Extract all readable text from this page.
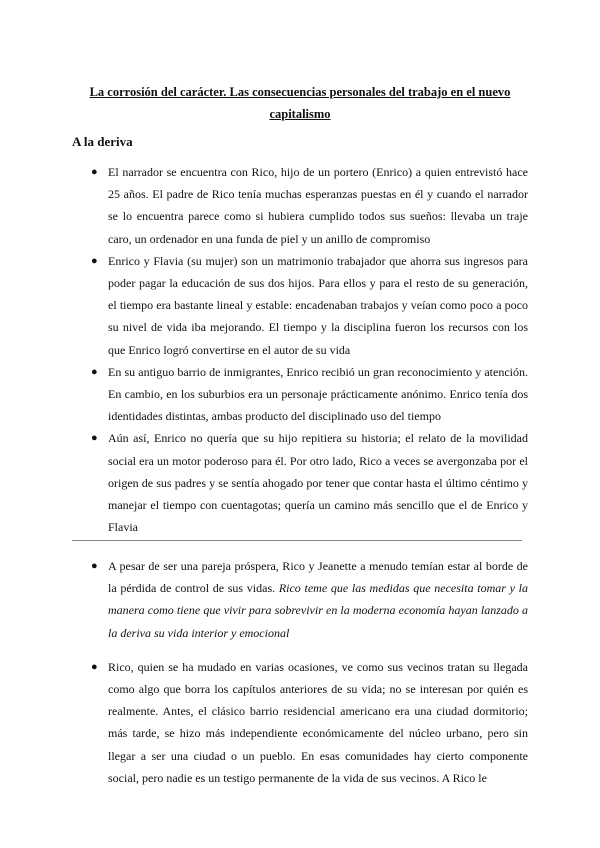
La corrosión del carácter. Las consecuencias personales del trabajo en el nuevo capitalismo
A la deriva
● El narrador se encuentra con Rico, hijo de un portero (Enrico) a quien entrevistó hace 25 años. El padre de Rico tenía muchas esperanzas puestas en él y cuando el narrador se lo encuentra parece como si hubiera cumplido todos sus sueños: llevaba un traje caro, un ordenador en una funda de piel y un anillo de compromiso
● Enrico y Flavia (su mujer) son un matrimonio trabajador que ahorra sus ingresos para poder pagar la educación de sus dos hijos. Para ellos y para el resto de su generación, el tiempo era bastante lineal y estable: encadenaban trabajos y veían como poco a poco su nivel de vida iba mejorando. El tiempo y la disciplina fueron los recursos con los que Enrico logró convertirse en el autor de su vida
● En su antiguo barrio de inmigrantes, Enrico recibió un gran reconocimiento y atención. En cambio, en los suburbios era un personaje prácticamente anónimo. Enrico tenía dos identidades distintas, ambas producto del disciplinado uso del tiempo
● Aún así, Enrico no quería que su hijo repitiera su historia; el relato de la movilidad social era un motor poderoso para él. Por otro lado, Rico a veces se avergonzaba por el origen de sus padres y se sentía ahogado por tener que contar hasta el último céntimo y manejar el tiempo con cuentagotas; quería un camino más sencillo que el de Enrico y Flavia
● A pesar de ser una pareja próspera, Rico y Jeanette a menudo temían estar al borde de la pérdida de control de sus vidas. Rico teme que las medidas que necesita tomar y la manera como tiene que vivir para sobrevivir en la moderna economía hayan lanzado a la deriva su vida interior y emocional
● Rico, quien se ha mudado en varias ocasiones, ve como sus vecinos tratan su llegada como algo que borra los capítulos anteriores de su vida; no se interesan por quién es realmente. Antes, el clásico barrio residencial americano era una ciudad dormitorio; más tarde, se hizo más independiente económicamente del núcleo urbano, pero sin llegar a ser una ciudad o un pueblo. En esas comunidades hay cierto componente social, pero nadie es un testigo permanente de la vida de sus vecinos. A Rico le
